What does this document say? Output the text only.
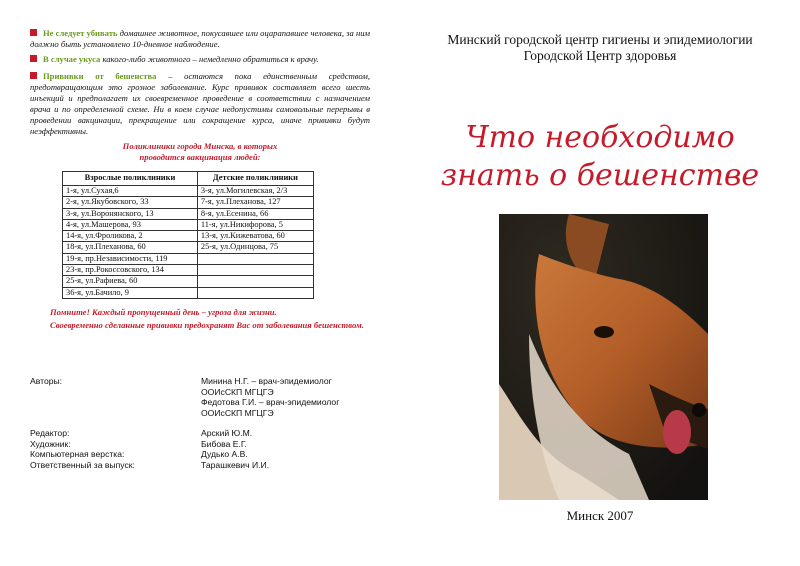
Не следует убивать домашнее животное, покусавшее или оцарапавшее человека, за ним должно быть установлено 10-дневное наблюдение.

В случае укуса какого-либо животного – немедленно обратиться к врачу.

Прививки от бешенства – остаются пока единственным средством, предотвращающим это грозное заболевание. Курс прививок составляет всего шесть инъекций и предполагает их своевременное проведение в соответствии с назначением врача и по определенной схеме. Ни в коем случае недопустимы самовольные перерывы в проведении вакцинации, прекращение или сокращение курса, иначе прививки будут неэффективны.

Поликлиники города Минска, в которых проводится вакцинация людей:
Взрослые поликлиники	Детские поликлиники
1-я, ул.Сухая,6	3-я, ул.Могилевская, 2/3
2-я, ул.Якубовского, 33	7-я, ул.Плеханова, 127
3-я, ул.Воронянского, 13	8-я, ул.Есенина, 66
4-я, ул.Машерова, 93	11-я, ул.Никифорова, 5
14-я, ул.Фроликова, 2	13-я, ул.Кижеватова, 60
18-я, ул.Плеханова, 60	25-я, ул.Одинцова, 75
19-я, пр.Независимости, 119	
23-я, пр.Рокоссовского, 134	
25-я, ул.Рафиева, 60	
36-я, ул.Бачило, 9	
Помните! Каждый пропущенный день – угроза для жизни.
Своевременно сделанные прививки предохранят Вас от заболевания бешенством.
Авторы:	Минина Н.Г. – врач-эпидемиолог
ООИсСКП МГЦГЭ
Федотова Г.И. – врач-эпидемиолог
ООИсСКП МГЦГЭ
Редактор:	Арский Ю.М.
Художник:	Бибова Е.Г.
Компьютерная верстка:	Дудько А.В.
Ответственный за выпуск:	Тарашкевич И.И.
Минский городской центр гигиены и эпидемиологии
Городской Центр здоровья
Что необходимо
знать о бешенстве
Минск 2007
